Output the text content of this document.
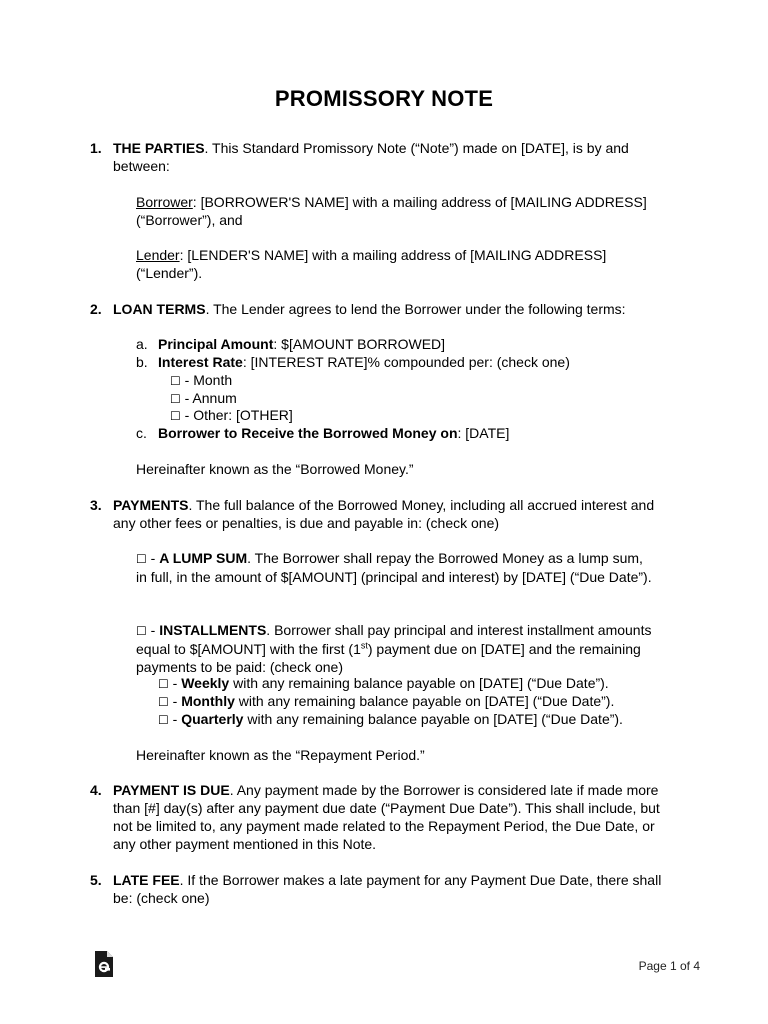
PROMISSORY NOTE
1. THE PARTIES. This Standard Promissory Note (“Note”) made on [DATE], is by and between:
Borrower: [BORROWER'S NAME] with a mailing address of [MAILING ADDRESS] (“Borrower”), and
Lender: [LENDER'S NAME] with a mailing address of [MAILING ADDRESS] (“Lender”).
2. LOAN TERMS. The Lender agrees to lend the Borrower under the following terms:
a. Principal Amount: $[AMOUNT BORROWED]
b. Interest Rate: [INTEREST RATE]% compounded per: (check one)
☐ - Month
☐ - Annum
☐ - Other: [OTHER]
c. Borrower to Receive the Borrowed Money on: [DATE]
Hereinafter known as the “Borrowed Money.”
3. PAYMENTS. The full balance of the Borrowed Money, including all accrued interest and any other fees or penalties, is due and payable in: (check one)
☐ - A LUMP SUM. The Borrower shall repay the Borrowed Money as a lump sum, in full, in the amount of $[AMOUNT] (principal and interest) by [DATE] (“Due Date”).
☐ - INSTALLMENTS. Borrower shall pay principal and interest installment amounts equal to $[AMOUNT] with the first (1st) payment due on [DATE] and the remaining payments to be paid: (check one)
☐ - Weekly with any remaining balance payable on [DATE] (“Due Date”).
☐ - Monthly with any remaining balance payable on [DATE] (“Due Date”).
☐ - Quarterly with any remaining balance payable on [DATE] (“Due Date”).
Hereinafter known as the “Repayment Period.”
4. PAYMENT IS DUE. Any payment made by the Borrower is considered late if made more than [#] day(s) after any payment due date (“Payment Due Date”). This shall include, but not be limited to, any payment made related to the Repayment Period, the Due Date, or any other payment mentioned in this Note.
5. LATE FEE. If the Borrower makes a late payment for any Payment Due Date, there shall be: (check one)
Page 1 of 4
